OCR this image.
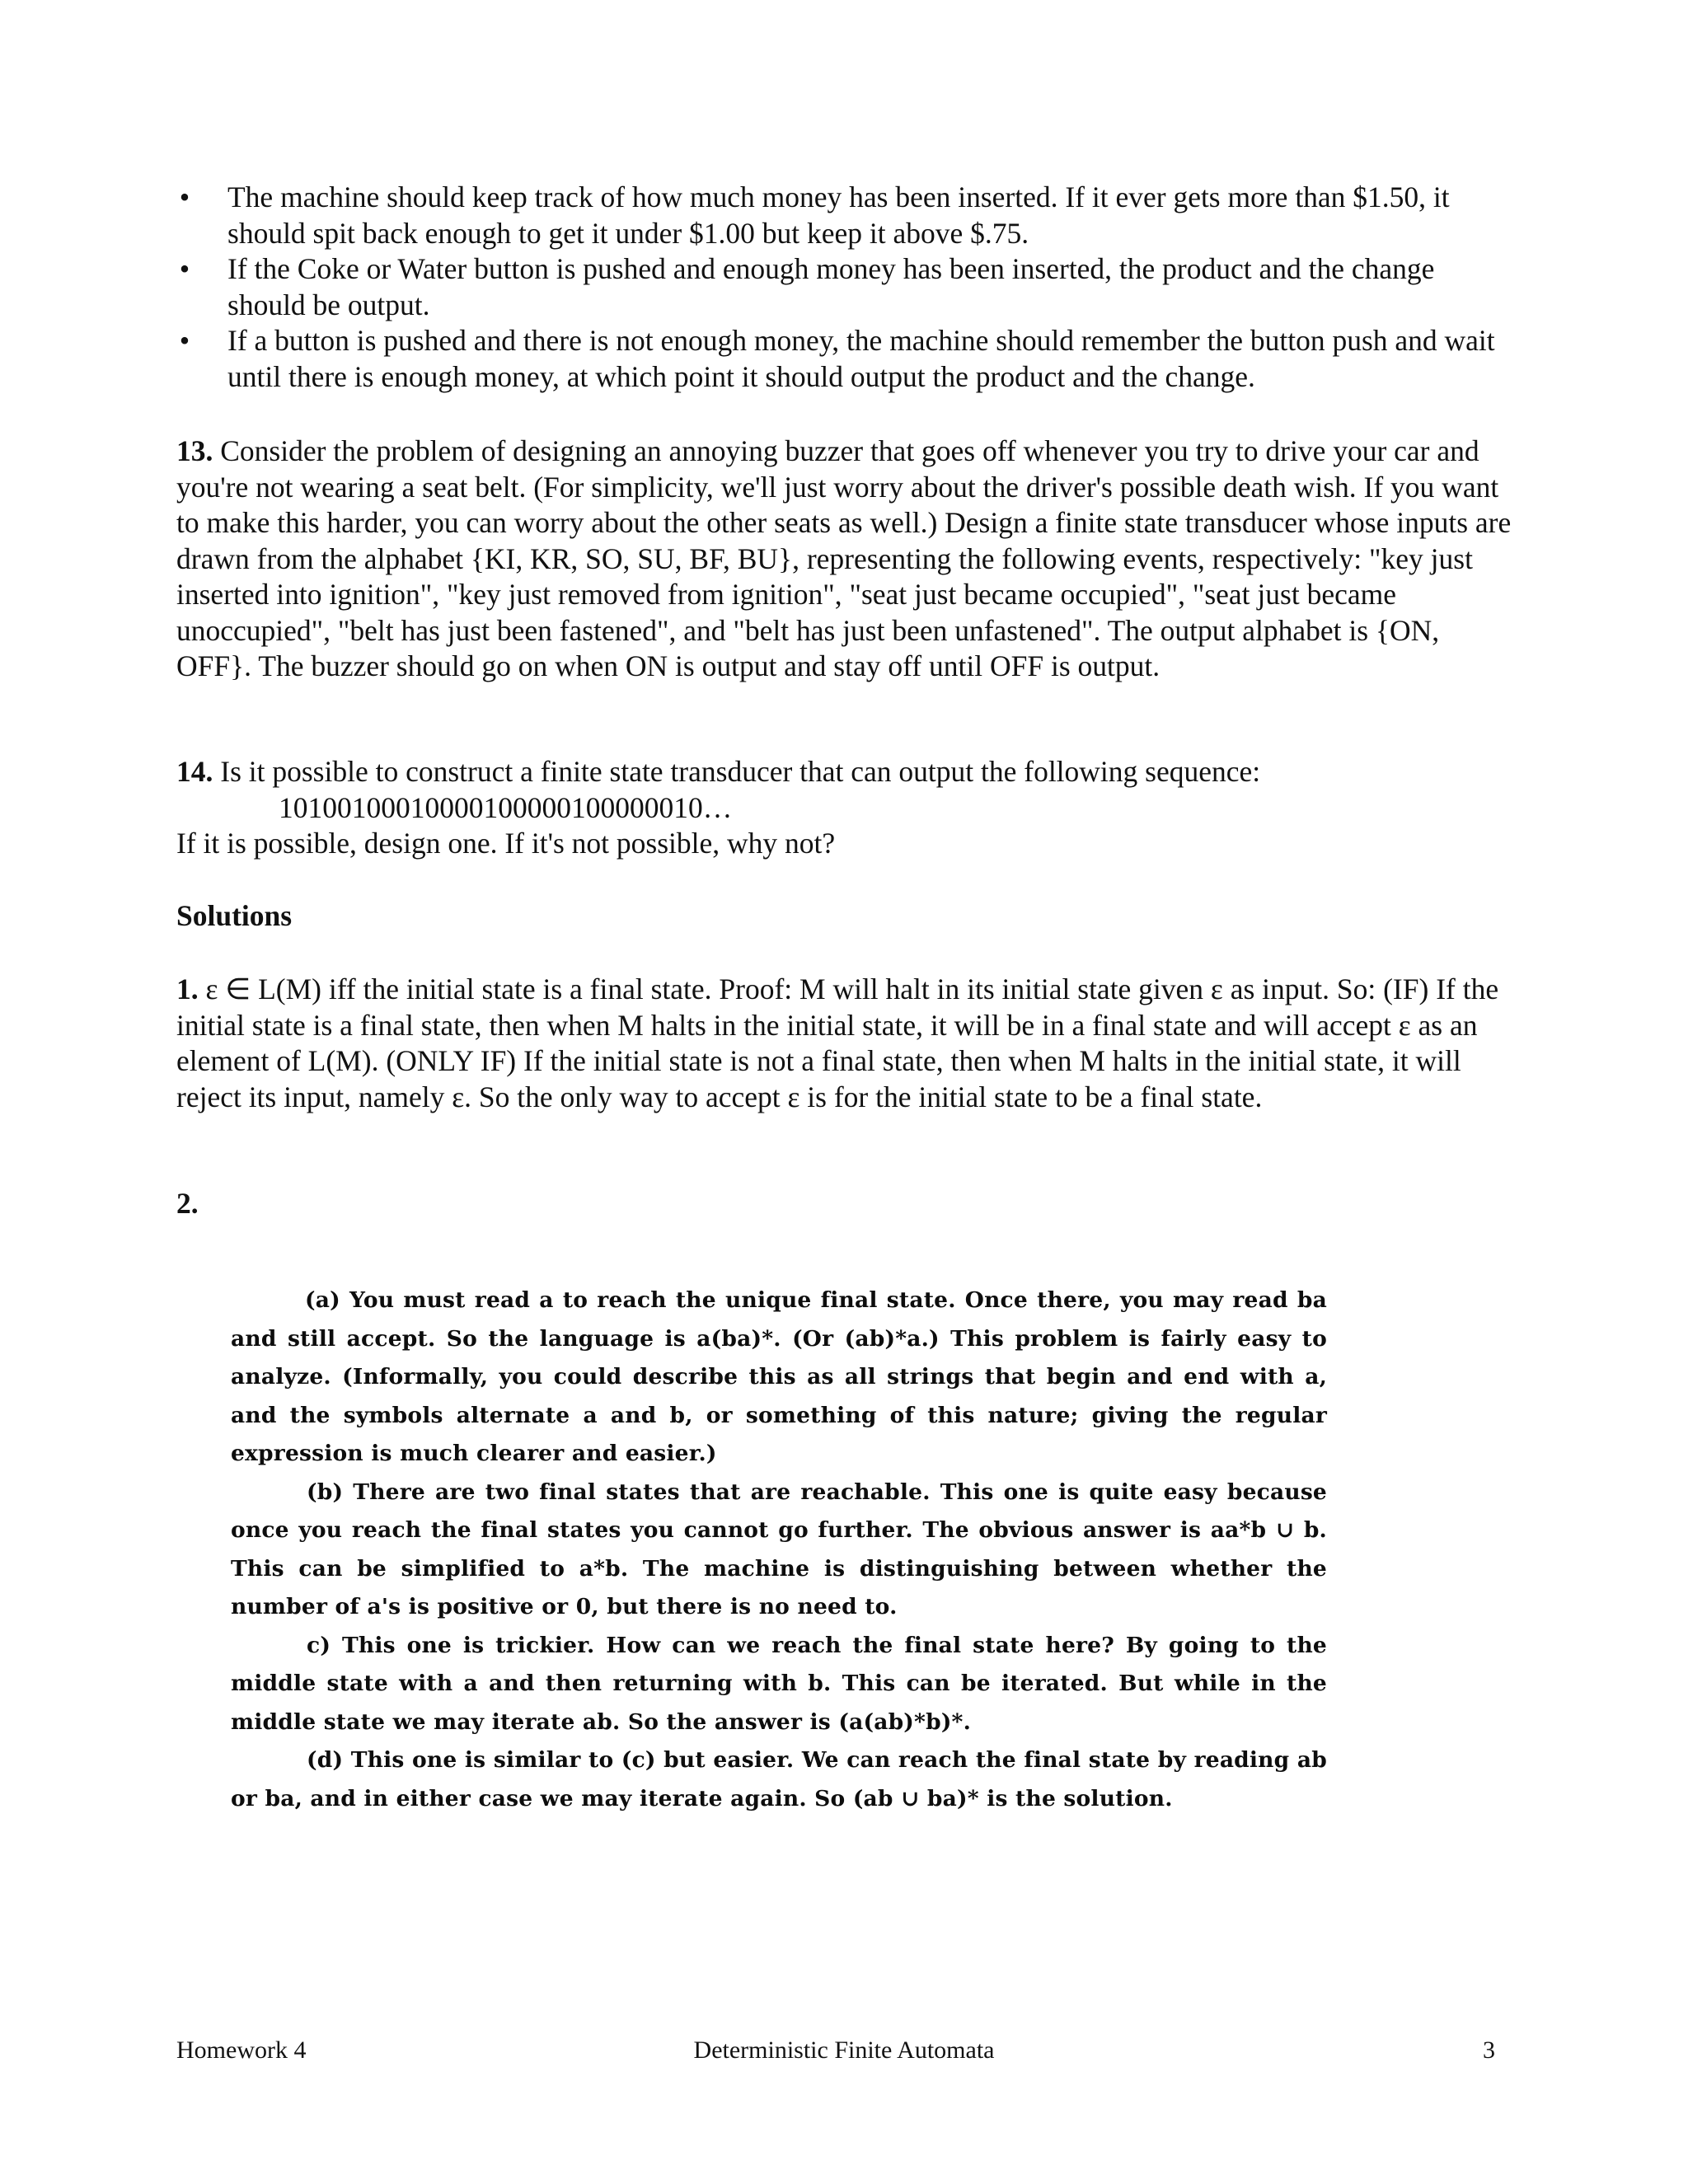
• The machine should keep track of how much money has been inserted. If it ever gets more than $1.50, it should spit back enough to get it under $1.00 but keep it above $.75.
• If the Coke or Water button is pushed and enough money has been inserted, the product and the change should be output.
• If a button is pushed and there is not enough money, the machine should remember the button push and wait until there is enough money, at which point it should output the product and the change.

13. Consider the problem of designing an annoying buzzer that goes off whenever you try to drive your car and you're not wearing a seat belt. (For simplicity, we'll just worry about the driver's possible death wish. If you want to make this harder, you can worry about the other seats as well.) Design a finite state transducer whose inputs are drawn from the alphabet {KI, KR, SO, SU, BF, BU}, representing the following events, respectively: "key just inserted into ignition", "key just removed from ignition", "seat just became occupied", "seat just became unoccupied", "belt has just been fastened", and "belt has just been unfastened". The output alphabet is {ON, OFF}. The buzzer should go on when ON is output and stay off until OFF is output.

14. Is it possible to construct a finite state transducer that can output the following sequence:
10100100010000100000100000010…
If it is possible, design one. If it's not possible, why not?

Solutions

1. ε ∈ L(M) iff the initial state is a final state. Proof: M will halt in its initial state given ε as input. So: (IF) If the initial state is a final state, then when M halts in the initial state, it will be in a final state and will accept ε as an element of L(M). (ONLY IF) If the initial state is not a final state, then when M halts in the initial state, it will reject its input, namely ε. So the only way to accept ε is for the initial state to be a final state.

2.

(a) You must read a to reach the unique final state. Once there, you may read ba and still accept. So the language is a(ba)*. (Or (ab)*a.) This problem is fairly easy to analyze. (Informally, you could describe this as all strings that begin and end with a, and the symbols alternate a and b, or something of this nature; giving the regular expression is much clearer and easier.)

(b) There are two final states that are reachable. This one is quite easy because once you reach the final states you cannot go further. The obvious answer is aa*b ∪ b. This can be simplified to a*b. The machine is distinguishing between whether the number of a's is positive or 0, but there is no need to.

c) This one is trickier. How can we reach the final state here? By going to the middle state with a and then returning with b. This can be iterated. But while in the middle state we may iterate ab. So the answer is (a(ab)*b)*.

(d) This one is similar to (c) but easier. We can reach the final state by reading ab or ba, and in either case we may iterate again. So (ab ∪ ba)* is the solution.

Homework 4	Deterministic Finite Automata	3
